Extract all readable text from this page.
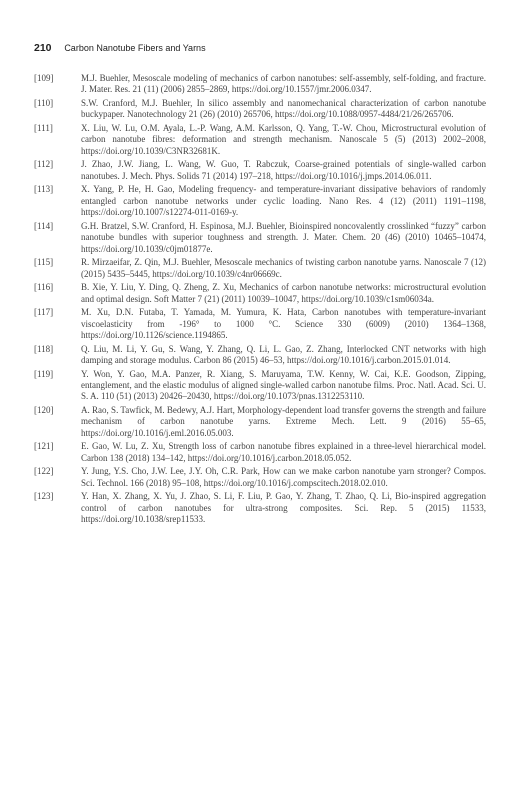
210 Carbon Nanotube Fibers and Yarns

[109]	M.J. Buehler, Mesoscale modeling of mechanics of carbon nanotubes: self-assembly, self-folding, and fracture. J. Mater. Res. 21 (11) (2006) 2855–2869, https://doi.org/10.1557/jmr.2006.0347.

[110]	S.W. Cranford, M.J. Buehler, In silico assembly and nanomechanical characterization of carbon nanotube buckypaper. Nanotechnology 21 (26) (2010) 265706, https://doi.org/10.1088/0957-4484/21/26/265706.

[111]	X. Liu, W. Lu, O.M. Ayala, L.-P. Wang, A.M. Karlsson, Q. Yang, T.-W. Chou, Microstructural evolution of carbon nanotube fibres: deformation and strength mechanism. Nanoscale 5 (5) (2013) 2002–2008, https://doi.org/10.1039/C3NR32681K.

[112]	J. Zhao, J.W. Jiang, L. Wang, W. Guo, T. Rabczuk, Coarse-grained potentials of single-walled carbon nanotubes. J. Mech. Phys. Solids 71 (2014) 197–218, https://doi.org/10.1016/j.jmps.2014.06.011.

[113]	X. Yang, P. He, H. Gao, Modeling frequency- and temperature-invariant dissipative behaviors of randomly entangled carbon nanotube networks under cyclic loading. Nano Res. 4 (12) (2011) 1191–1198, https://doi.org/10.1007/s12274-011-0169-y.

[114]	G.H. Bratzel, S.W. Cranford, H. Espinosa, M.J. Buehler, Bioinspired noncovalently crosslinked “fuzzy” carbon nanotube bundles with superior toughness and strength. J. Mater. Chem. 20 (46) (2010) 10465–10474, https://doi.org/10.1039/c0jm01877e.

[115]	R. Mirzaeifar, Z. Qin, M.J. Buehler, Mesoscale mechanics of twisting carbon nanotube yarns. Nanoscale 7 (12) (2015) 5435–5445, https://doi.org/10.1039/c4nr06669c.

[116]	B. Xie, Y. Liu, Y. Ding, Q. Zheng, Z. Xu, Mechanics of carbon nanotube networks: microstructural evolution and optimal design. Soft Matter 7 (21) (2011) 10039–10047, https://doi.org/10.1039/c1sm06034a.

[117]	M. Xu, D.N. Futaba, T. Yamada, M. Yumura, K. Hata, Carbon nanotubes with temperature-invariant viscoelasticity from -196° to 1000 °C. Science 330 (6009) (2010) 1364–1368, https://doi.org/10.1126/science.1194865.

[118]	Q. Liu, M. Li, Y. Gu, S. Wang, Y. Zhang, Q. Li, L. Gao, Z. Zhang, Interlocked CNT networks with high damping and storage modulus. Carbon 86 (2015) 46–53, https://doi.org/10.1016/j.carbon.2015.01.014.

[119]	Y. Won, Y. Gao, M.A. Panzer, R. Xiang, S. Maruyama, T.W. Kenny, W. Cai, K.E. Goodson, Zipping, entanglement, and the elastic modulus of aligned single-walled carbon nanotube films. Proc. Natl. Acad. Sci. U. S. A. 110 (51) (2013) 20426–20430, https://doi.org/10.1073/pnas.1312253110.

[120]	A. Rao, S. Tawfick, M. Bedewy, A.J. Hart, Morphology-dependent load transfer governs the strength and failure mechanism of carbon nanotube yarns. Extreme Mech. Lett. 9 (2016) 55–65, https://doi.org/10.1016/j.eml.2016.05.003.

[121]	E. Gao, W. Lu, Z. Xu, Strength loss of carbon nanotube fibres explained in a three-level hierarchical model. Carbon 138 (2018) 134–142, https://doi.org/10.1016/j.carbon.2018.05.052.

[122]	Y. Jung, Y.S. Cho, J.W. Lee, J.Y. Oh, C.R. Park, How can we make carbon nanotube yarn stronger? Compos. Sci. Technol. 166 (2018) 95–108, https://doi.org/10.1016/j.compscitech.2018.02.010.

[123]	Y. Han, X. Zhang, X. Yu, J. Zhao, S. Li, F. Liu, P. Gao, Y. Zhang, T. Zhao, Q. Li, Bio-inspired aggregation control of carbon nanotubes for ultra-strong composites. Sci. Rep. 5 (2015) 11533, https://doi.org/10.1038/srep11533.
